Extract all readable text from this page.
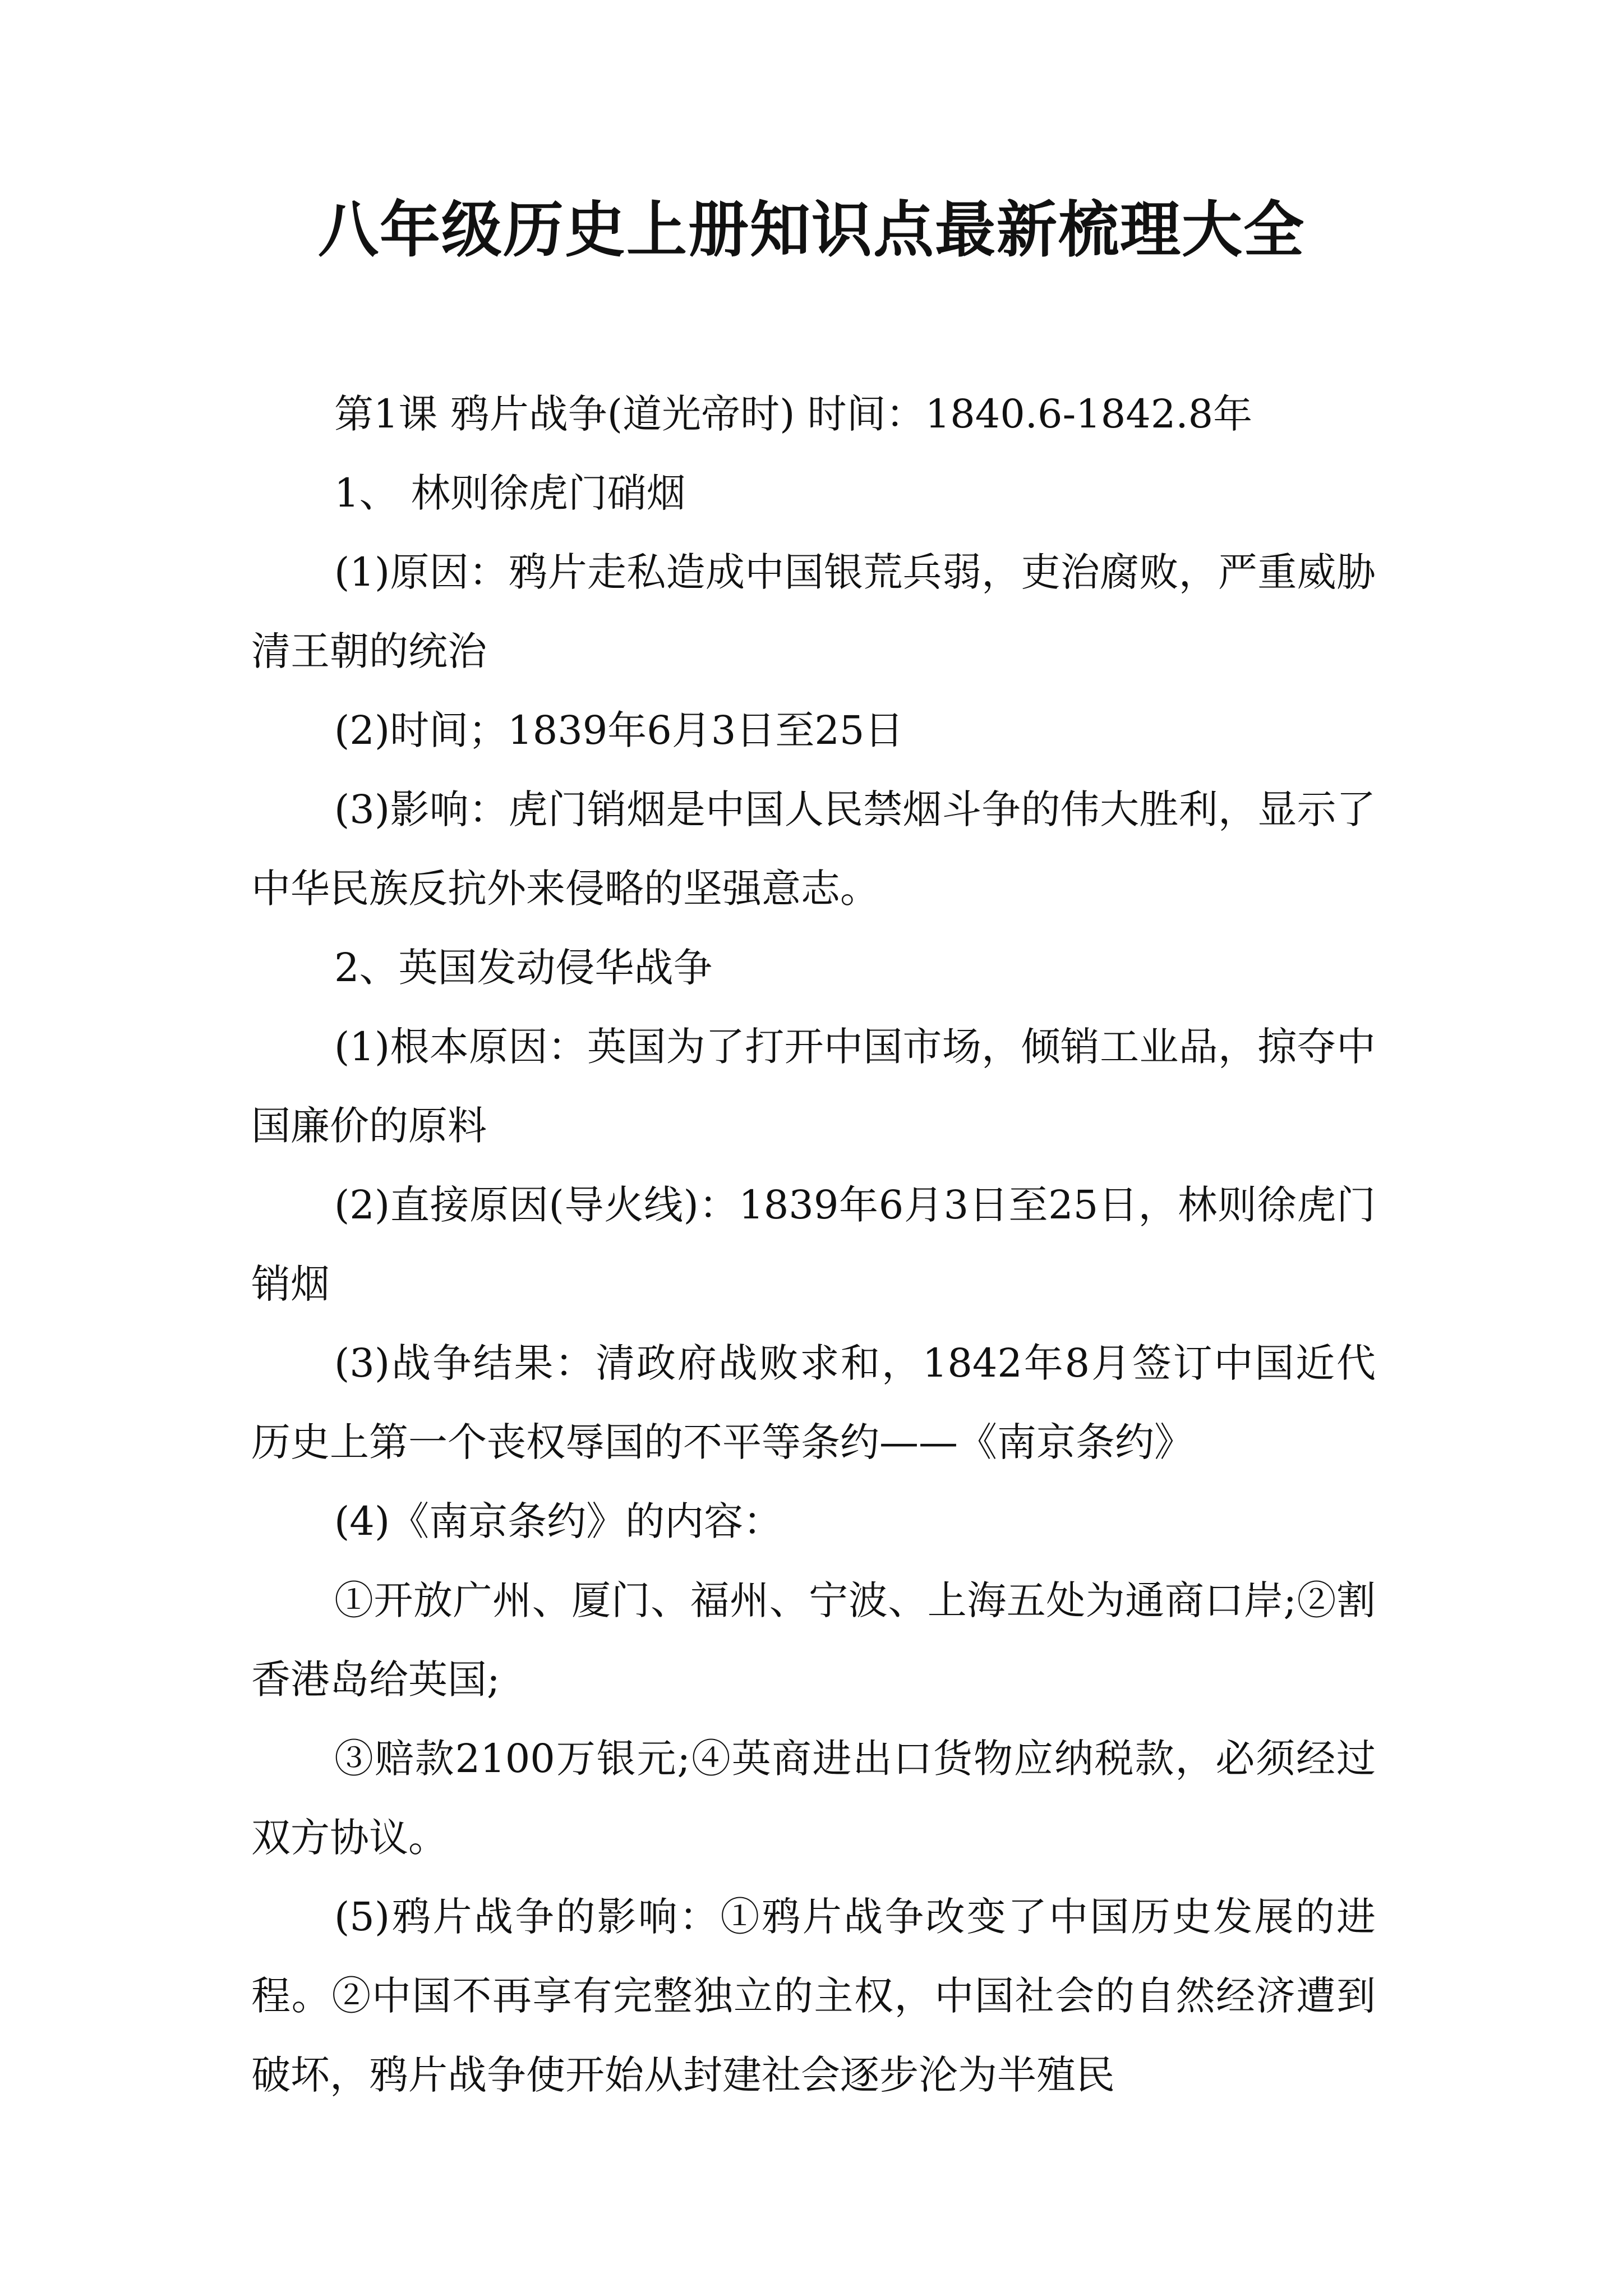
八年级历史上册知识点最新梳理大全

第1课 鸦片战争(道光帝时) 时间：1840.6-1842.8年

1、 林则徐虎门硝烟

(1)原因：鸦片走私造成中国银荒兵弱，吏治腐败，严重威胁清王朝的统治

(2)时间；1839年6月3日至25日

(3)影响：虎门销烟是中国人民禁烟斗争的伟大胜利，显示了中华民族反抗外来侵略的坚强意志。

2、英国发动侵华战争

(1)根本原因：英国为了打开中国市场，倾销工业品，掠夺中国廉价的原料

(2)直接原因(导火线)：1839年6月3日至25日，林则徐虎门销烟

(3)战争结果：清政府战败求和，1842年8月签订中国近代历史上第一个丧权辱国的不平等条约——《南京条约》

(4)《南京条约》的内容：

①开放广州、厦门、福州、宁波、上海五处为通商口岸;②割香港岛给英国;

③赔款2100万银元;④英商进出口货物应纳税款，必须经过双方协议。

(5)鸦片战争的影响：①鸦片战争改变了中国历史发展的进程。②中国不再享有完整独立的主权，中国社会的自然经济遭到破坏，鸦片战争使开始从封建社会逐步沦为半殖民
